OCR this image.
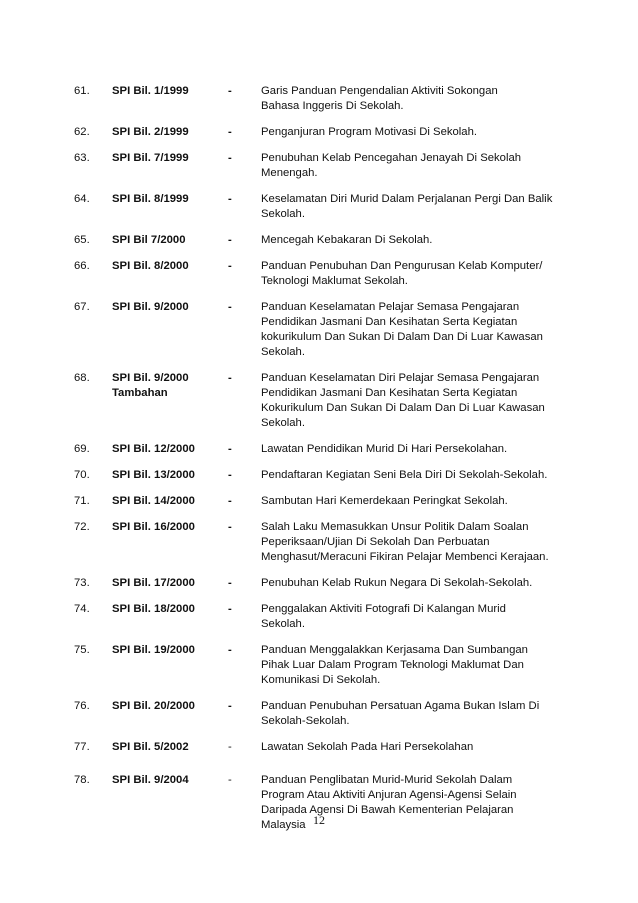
61. SPI Bil. 1/1999	-	Garis Panduan Pengendalian Aktiviti Sokongan
Bahasa Inggeris Di Sekolah.
62. SPI Bil. 2/1999	-	Penganjuran Program Motivasi Di Sekolah.
63. SPI Bil. 7/1999	-	Penubuhan Kelab Pencegahan Jenayah Di Sekolah
Menengah.
64. SPI Bil. 8/1999	-	Keselamatan Diri Murid Dalam Perjalanan Pergi Dan Balik
Sekolah.
65. SPI Bil 7/2000	-	Mencegah Kebakaran Di Sekolah.
66. SPI Bil. 8/2000	-	Panduan Penubuhan Dan Pengurusan Kelab Komputer/
Teknologi Maklumat Sekolah.
67. SPI Bil. 9/2000	-	Panduan Keselamatan Pelajar Semasa Pengajaran
Pendidikan Jasmani Dan Kesihatan Serta Kegiatan
kokurikulum Dan Sukan Di Dalam Dan Di Luar Kawasan
Sekolah.
68. SPI Bil. 9/2000 Tambahan
-	Panduan Keselamatan Diri Pelajar Semasa Pengajaran
Pendidikan Jasmani Dan Kesihatan Serta Kegiatan
Kokurikulum Dan Sukan Di Dalam Dan Di Luar Kawasan
Sekolah.
69. SPI Bil. 12/2000	-	Lawatan Pendidikan Murid Di Hari Persekolahan.
70. SPI Bil. 13/2000	-	Pendaftaran Kegiatan Seni Bela Diri Di Sekolah-Sekolah.
71. SPI Bil. 14/2000	-	Sambutan Hari Kemerdekaan Peringkat Sekolah.
72. SPI Bil. 16/2000	-	Salah Laku Memasukkan Unsur Politik Dalam Soalan
Peperiksaan/Ujian Di Sekolah Dan Perbuatan
Menghasut/Meracuni Fikiran Pelajar Membenci Kerajaan.
73. SPI Bil. 17/2000	-	Penubuhan Kelab Rukun Negara Di Sekolah-Sekolah.
74. SPI Bil. 18/2000	-	Penggalakan Aktiviti Fotografi Di Kalangan Murid
Sekolah.
75. SPI Bil. 19/2000	-	Panduan Menggalakkan Kerjasama Dan Sumbangan
Pihak Luar Dalam Program Teknologi Maklumat Dan
Komunikasi Di Sekolah.
76. SPI Bil. 20/2000	-	Panduan Penubuhan Persatuan Agama Bukan Islam Di
Sekolah-Sekolah.
77. SPI Bil. 5/2002	-	Lawatan Sekolah Pada Hari Persekolahan
78. SPI Bil. 9/2004	-	Panduan Penglibatan Murid-Murid Sekolah Dalam
Program Atau Aktiviti Anjuran Agensi-Agensi Selain
Daripada Agensi Di Bawah Kementerian Pelajaran
Malaysia 12
